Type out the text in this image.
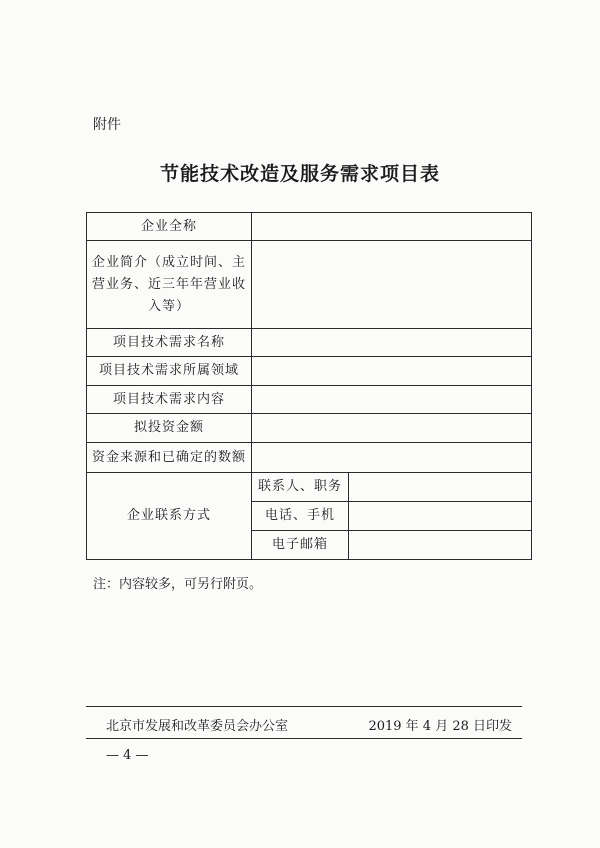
附件
节能技术改造及服务需求项目表
企业全称		
企业简介（成立时间、主营业务、近三年年营业收入等）		
项目技术需求名称		
项目技术需求所属领域		
项目技术需求内容		
拟投资金额		
资金来源和已确定的数额		
企业联系方式	联系人、职务	
	电话、手机	
	电子邮箱	
注：内容较多，可另行附页。
北京市发展和改革委员会办公室	2019 年 4 月 28 日印发
— 4 —
